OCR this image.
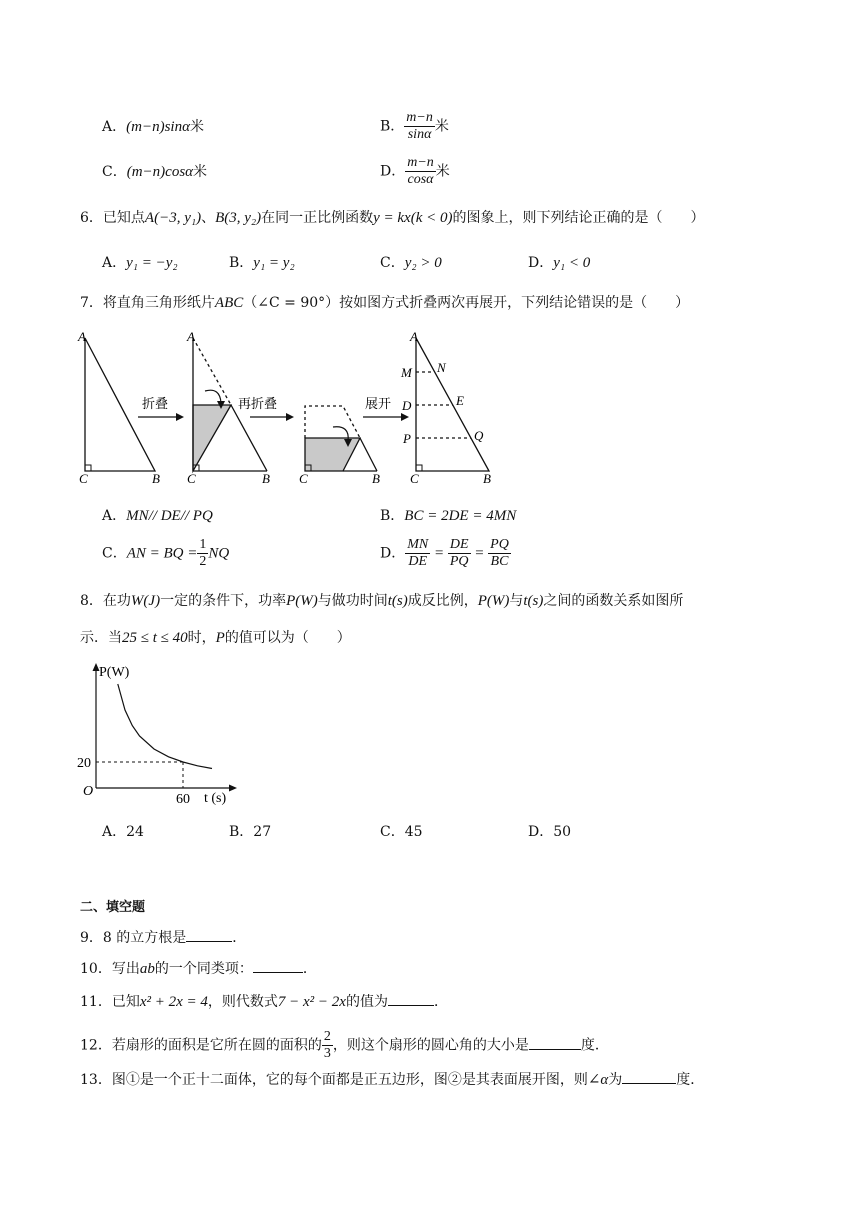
A．(m−n)sinα米	B． $\frac{m-n}{\sin\alpha}$ 米
C．(m−n)cosα米	D． $\frac{m-n}{\cos\alpha}$ 米
6．已知点A(−3, y₁)、B(3, y₂)在同一正比例函数y = kx(k < 0)的图象上，则下列结论正确的是（　　）
A．y₁ = −y₂	B．y₁ = y₂	C．y₂ > 0	D．y₁ < 0
7．将直角三角形纸片ABC（∠C = 90°）按如图方式折叠两次再展开，下列结论错误的是（　　）
A
C	B
折叠
A
C	B
再折叠
C	B
展开
A
M N
D	E
P	Q
C	B
A．MN// DE// PQ	B．BC = 2DE = 4MN
C．AN = BQ = $\frac{1}{2}$ NQ	D． $\frac{MN}{DE} = \frac{DE}{PQ} = \frac{PQ}{BC}$
8．在功W(J)一定的条件下，功率P(W)与做功时间t(s)成反比例，P(W)与t(s)之间的函数关系如图所
示．当25 ≤ t ≤ 40时，P的值可以为（　　）
P(W)
t (s)
O
20
60
A．24	B．27	C．45	D．50
二、填空题
9．8 的立方根是	．
10．写出ab的一个同类项：	．
11．已知x² + 2x = 4，则代数式7 − x² − 2x的值为	．
12．若扇形的面积是它所在圆的面积的 $\frac{2}{3}$ ，则这个扇形的圆心角的大小是	度．
13．图①是一个正十二面体，它的每个面都是正五边形，图②是其表面展开图，则∠α为	度．
